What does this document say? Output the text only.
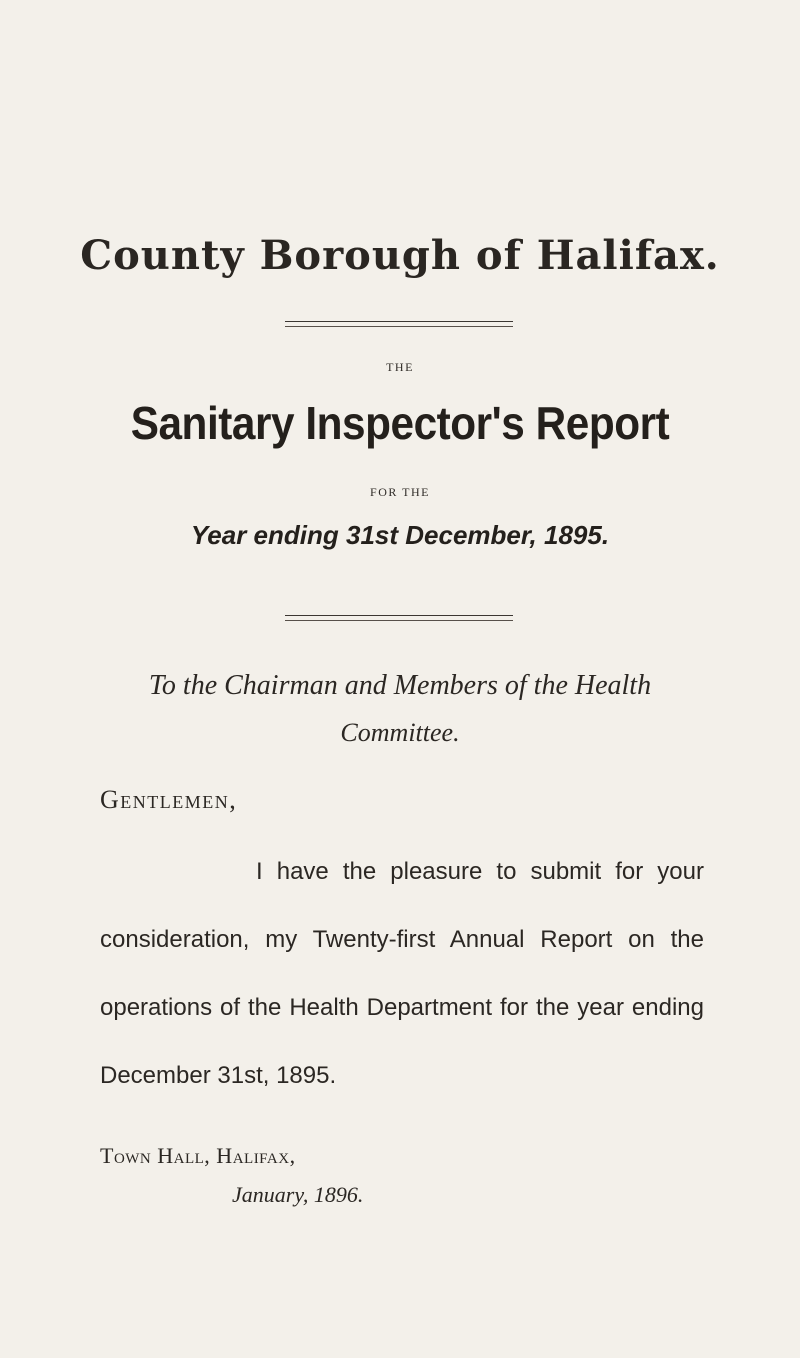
County Borough of Halifax.
THE
Sanitary Inspector's Report
FOR THE
Year ending 31st December, 1895.
To the Chairman and Members of the Health
Committee.
Gentlemen,
I have the pleasure to submit for your
consideration, my Twenty-first Annual Report on the
operations of the Health Department for the year ending
December 31st, 1895.
Town Hall, Halifax,
January, 1896.
